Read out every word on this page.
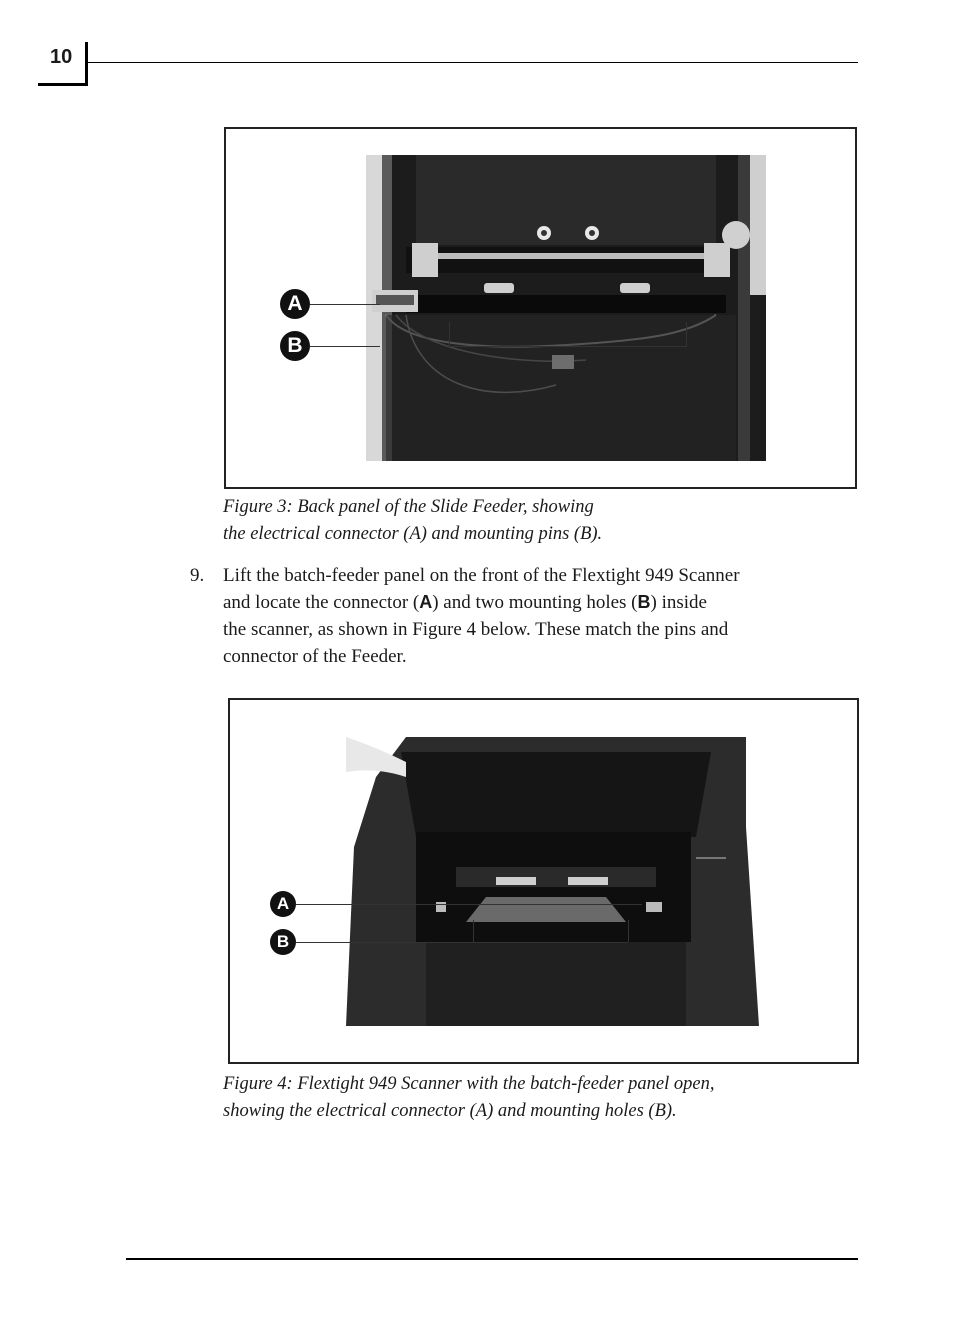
10
A
B

Figure 3: Back panel of the Slide Feeder, showing
the electrical connector (A) and mounting pins (B).

9. Lift the batch-feeder panel on the front of the Flextight 949 Scanner
and locate the connector (A) and two mounting holes (B) inside
the scanner, as shown in Figure 4 below. These match the pins and
connector of the Feeder.
A
B

Figure 4: Flextight 949 Scanner with the batch-feeder panel open,
showing the electrical connector (A) and mounting holes (B).
